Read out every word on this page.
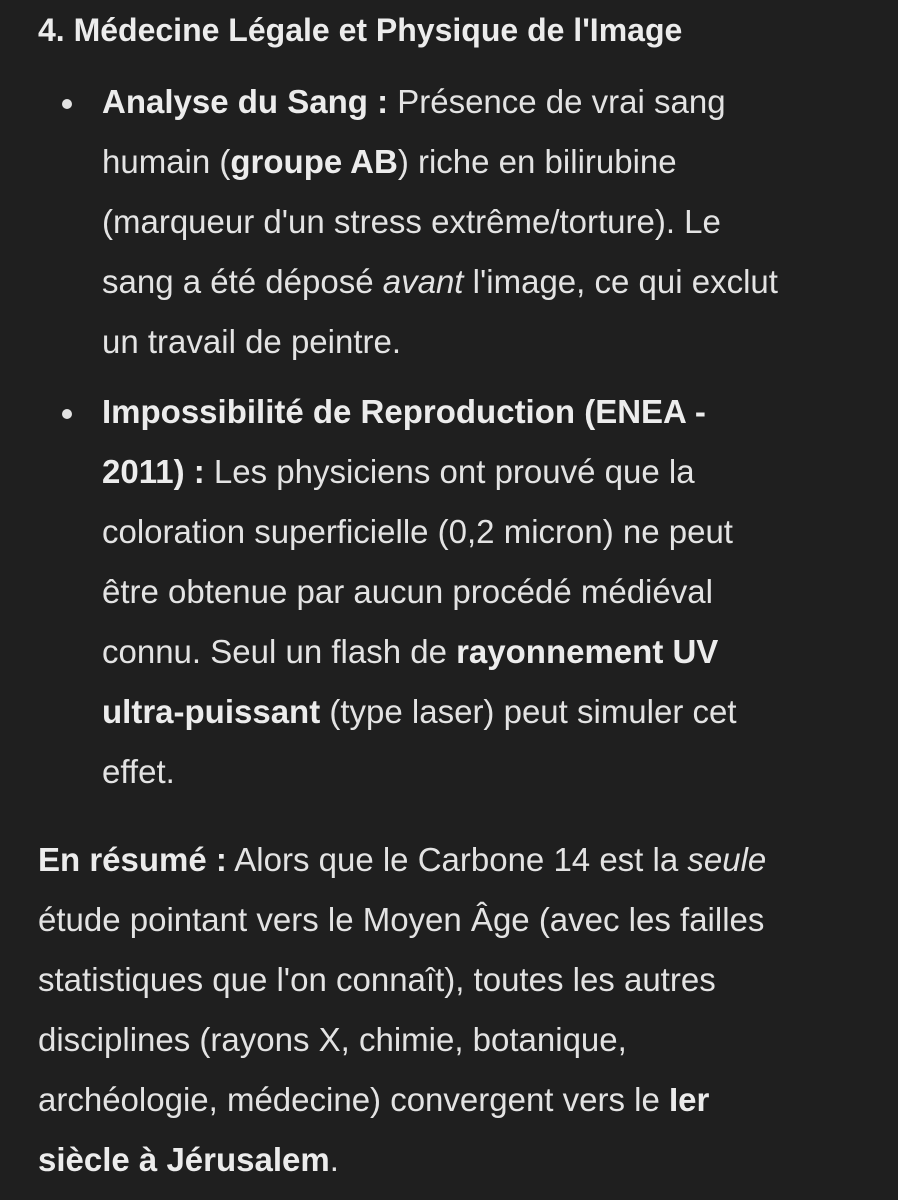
4. Médecine Légale et Physique de l'Image
Analyse du Sang : Présence de vrai sang
humain (groupe AB) riche en bilirubine
(marqueur d'un stress extrême/torture). Le
sang a été déposé avant l'image, ce qui exclut
un travail de peintre.
Impossibilité de Reproduction (ENEA -
2011) : Les physiciens ont prouvé que la
coloration superficielle (0,2 micron) ne peut
être obtenue par aucun procédé médiéval
connu. Seul un flash de rayonnement UV
ultra-puissant (type laser) peut simuler cet
effet.

En résumé : Alors que le Carbone 14 est la seule
étude pointant vers le Moyen Âge (avec les failles
statistiques que l'on connaît), toutes les autres
disciplines (rayons X, chimie, botanique,
archéologie, médecine) convergent vers le Ier
siècle à Jérusalem.
